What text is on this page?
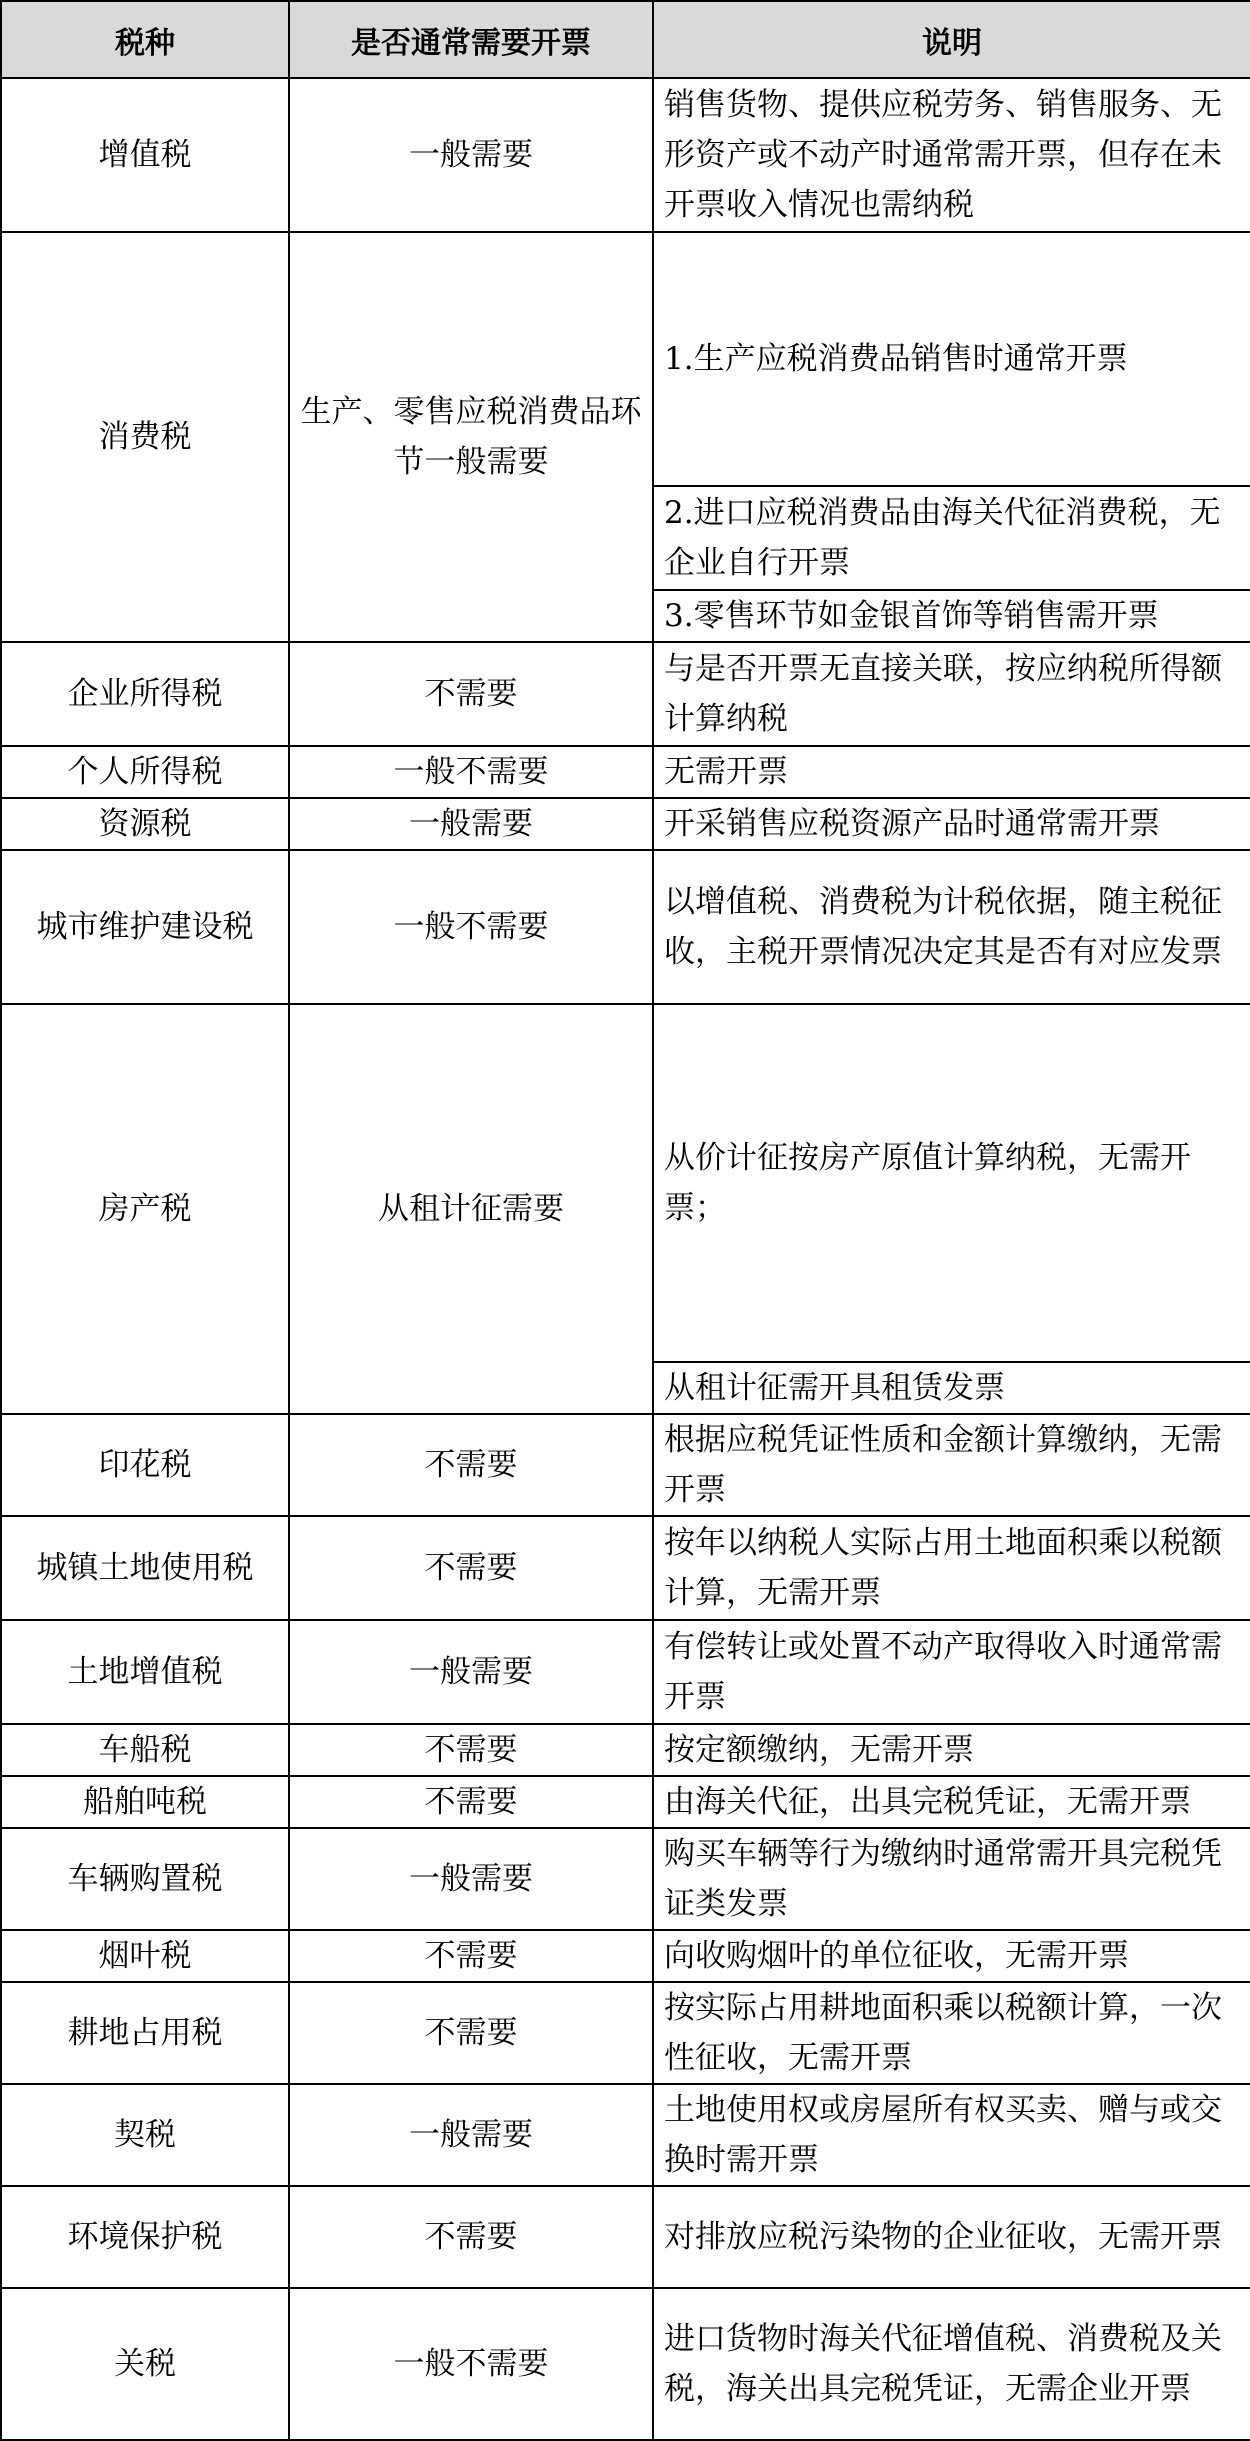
税种	是否通常需要开票	说明
增值税	一般需要	销售货物、提供应税劳务、销售服务、无形资产或不动产时通常需开票，但存在未开票收入情况也需纳税
消费税	生产、零售应税消费品环节一般需要	1.生产应税消费品销售时通常开票
		2.进口应税消费品由海关代征消费税，无企业自行开票
		3.零售环节如金银首饰等销售需开票
企业所得税	不需要	与是否开票无直接关联，按应纳税所得额计算纳税
个人所得税	一般不需要	无需开票
资源税	一般需要	开采销售应税资源产品时通常需开票
城市维护建设税	一般不需要	以增值税、消费税为计税依据，随主税征收，主税开票情况决定其是否有对应发票
房产税	从租计征需要	从价计征按房产原值计算纳税，无需开票；
		从租计征需开具租赁发票
印花税	不需要	根据应税凭证性质和金额计算缴纳，无需开票
城镇土地使用税	不需要	按年以纳税人实际占用土地面积乘以税额计算，无需开票
土地增值税	一般需要	有偿转让或处置不动产取得收入时通常需开票
车船税	不需要	按定额缴纳，无需开票
船舶吨税	不需要	由海关代征，出具完税凭证，无需开票
车辆购置税	一般需要	购买车辆等行为缴纳时通常需开具完税凭证类发票
烟叶税	不需要	向收购烟叶的单位征收，无需开票
耕地占用税	不需要	按实际占用耕地面积乘以税额计算，一次性征收，无需开票
契税	一般需要	土地使用权或房屋所有权买卖、赠与或交换时需开票
环境保护税	不需要	对排放应税污染物的企业征收，无需开票
关税	一般不需要	进口货物时海关代征增值税、消费税及关税，海关出具完税凭证，无需企业开票
